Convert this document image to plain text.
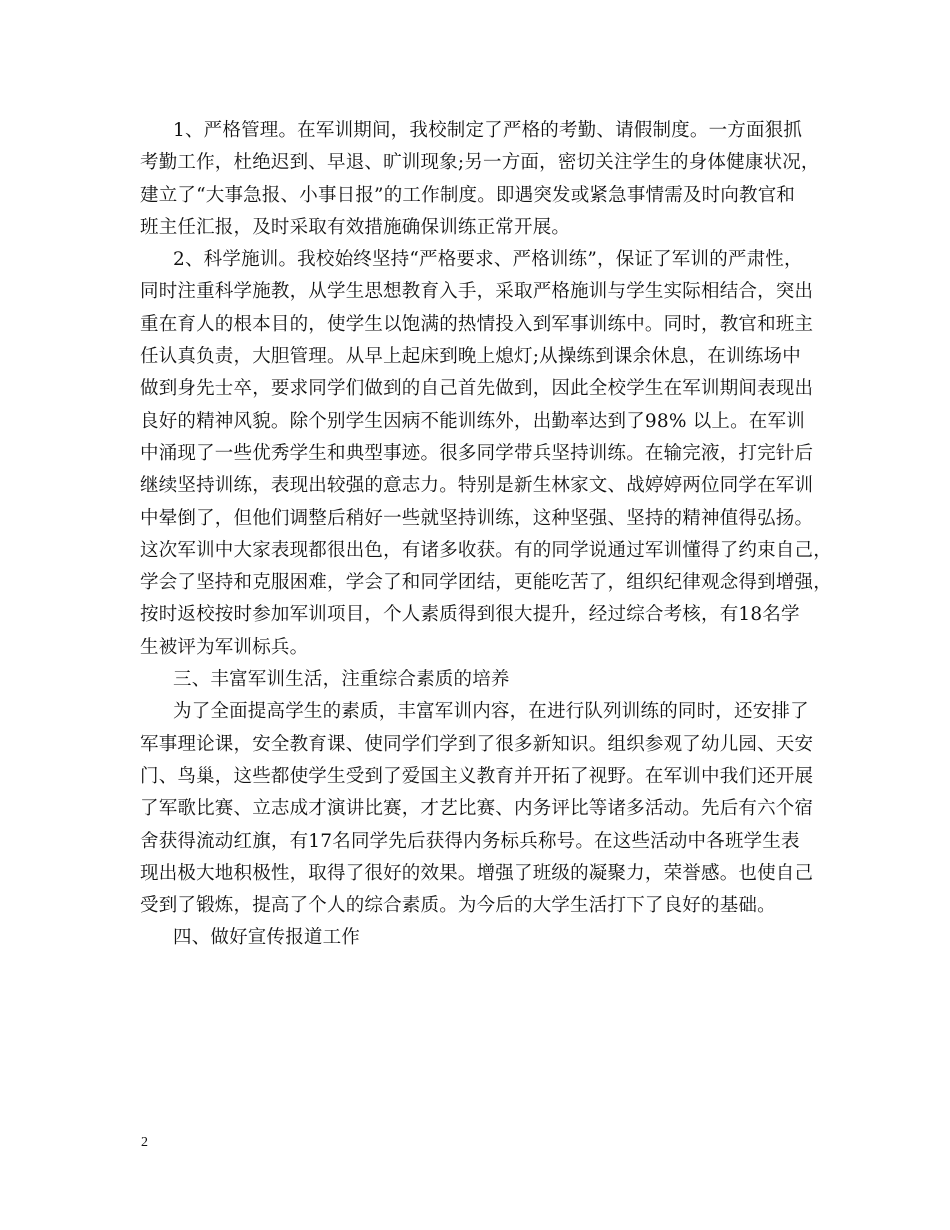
1、严格管理。在军训期间，我校制定了严格的考勤、请假制度。一方面狠抓
考勤工作，杜绝迟到、早退、旷训现象;另一方面，密切关注学生的身体健康状况，
建立了“大事急报、小事日报”的工作制度。即遇突发或紧急事情需及时向教官和
班主任汇报，及时采取有效措施确保训练正常开展。
2、科学施训。我校始终坚持“严格要求、严格训练”，保证了军训的严肃性，
同时注重科学施教，从学生思想教育入手，采取严格施训与学生实际相结合，突出
重在育人的根本目的，使学生以饱满的热情投入到军事训练中。同时，教官和班主
任认真负责，大胆管理。从早上起床到晚上熄灯;从操练到课余休息，在训练场中
做到身先士卒，要求同学们做到的自己首先做到，因此全校学生在军训期间表现出
良好的精神风貌。除个别学生因病不能训练外，出勤率达到了98% 以上。在军训
中涌现了一些优秀学生和典型事迹。很多同学带兵坚持训练。在输完液，打完针后
继续坚持训练，表现出较强的意志力。特别是新生林家文、战婷婷两位同学在军训
中晕倒了，但他们调整后稍好一些就坚持训练，这种坚强、坚持的精神值得弘扬。
这次军训中大家表现都很出色，有诸多收获。有的同学说通过军训懂得了约束自己，
学会了坚持和克服困难，学会了和同学团结，更能吃苦了，组织纪律观念得到增强，
按时返校按时参加军训项目，个人素质得到很大提升，经过综合考核，有18名学
生被评为军训标兵。
三、丰富军训生活，注重综合素质的培养
为了全面提高学生的素质，丰富军训内容，在进行队列训练的同时，还安排了
军事理论课，安全教育课、使同学们学到了很多新知识。组织参观了幼儿园、天安
门、鸟巢，这些都使学生受到了爱国主义教育并开拓了视野。在军训中我们还开展
了军歌比赛、立志成才演讲比赛，才艺比赛、内务评比等诸多活动。先后有六个宿
舍获得流动红旗，有17名同学先后获得内务标兵称号。在这些活动中各班学生表
现出极大地积极性，取得了很好的效果。增强了班级的凝聚力，荣誉感。也使自己
受到了锻炼，提高了个人的综合素质。为今后的大学生活打下了良好的基础。
四、做好宣传报道工作
2
